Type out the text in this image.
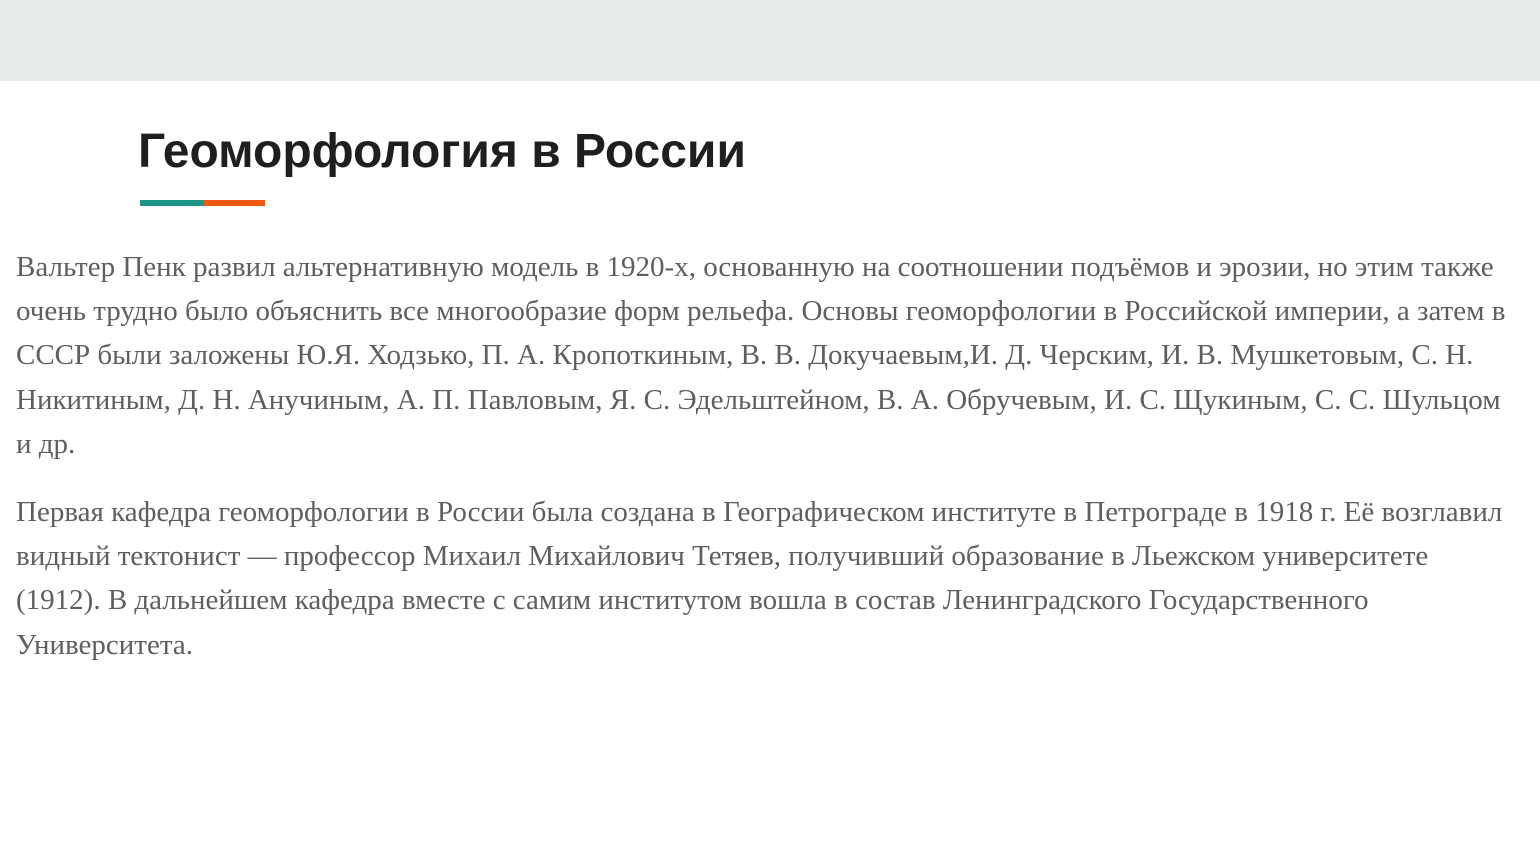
Геоморфология в России

Вальтер Пенк развил альтернативную модель в 1920-х, основанную на соотношении подъёмов и эрозии, но этим также очень трудно было объяснить все многообразие форм рельефа. Основы геоморфологии в Российской империи, а затем в СССР были заложены Ю.Я. Ходзько, П. А. Кропоткиным, В. В. Докучаевым,И. Д. Черским, И. В. Мушкетовым, С. Н. Никитиным, Д. Н. Анучиным, А. П. Павловым, Я. С. Эдельштейном, В. А. Обручевым, И. С. Щукиным, С. С. Шульцом и др.

Первая кафедра геоморфологии в России была создана в Географическом институте в Петрограде в 1918 г. Её возглавил видный тектонист — профессор Михаил Михайлович Тетяев, получивший образование в Льежском университете (1912). В дальнейшем кафедра вместе с самим институтом вошла в состав Ленинградского Государственного Университета.
